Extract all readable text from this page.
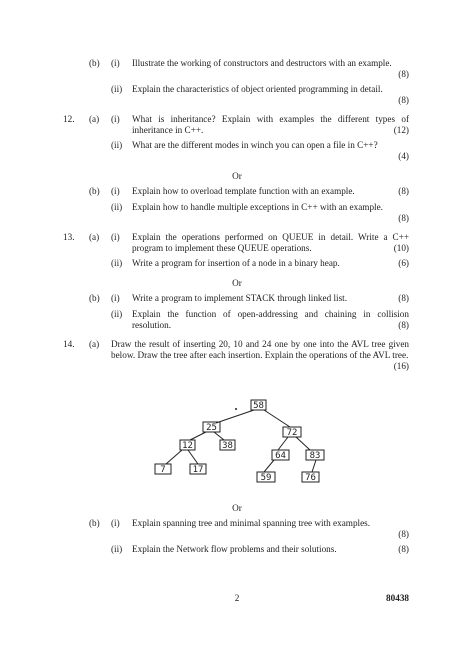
(b) (i) Illustrate the working of constructors and destructors with an example.
(8)
(ii) Explain the characteristics of object oriented programming in detail.
(8)
12. (a) (i) What is inheritance? Explain with examples the different types of inheritance in C++.	(12)
(ii) What are the different modes in winch you can open a file in C++?
(4)
Or
(b) (i) Explain how to overload template function with an example.	(8)
(ii) Explain how to handle multiple exceptions in C++ with an example.
(8)
13. (a) (i) Explain the operations performed on QUEUE in detail. Write a C++ program to implement these QUEUE operations.	(10)
(ii) Write a program for insertion of a node in a binary heap.	(6)
Or
(b) (i) Write a program to implement STACK through linked list.	(8)
(ii) Explain the function of open-addressing and chaining in collision resolution.	(8)
14. (a) Draw the result of inserting 20, 10 and 24 one by one into the AVL tree given below. Draw the tree after each insertion. Explain the operations of the AVL tree.
(16)
58
25	72
12	38
64	83
7	17
59	76
Or
(b) (i) Explain spanning tree and minimal spanning tree with examples.
(8)
(ii) Explain the Network flow problems and their solutions.	(8)
2	80438
